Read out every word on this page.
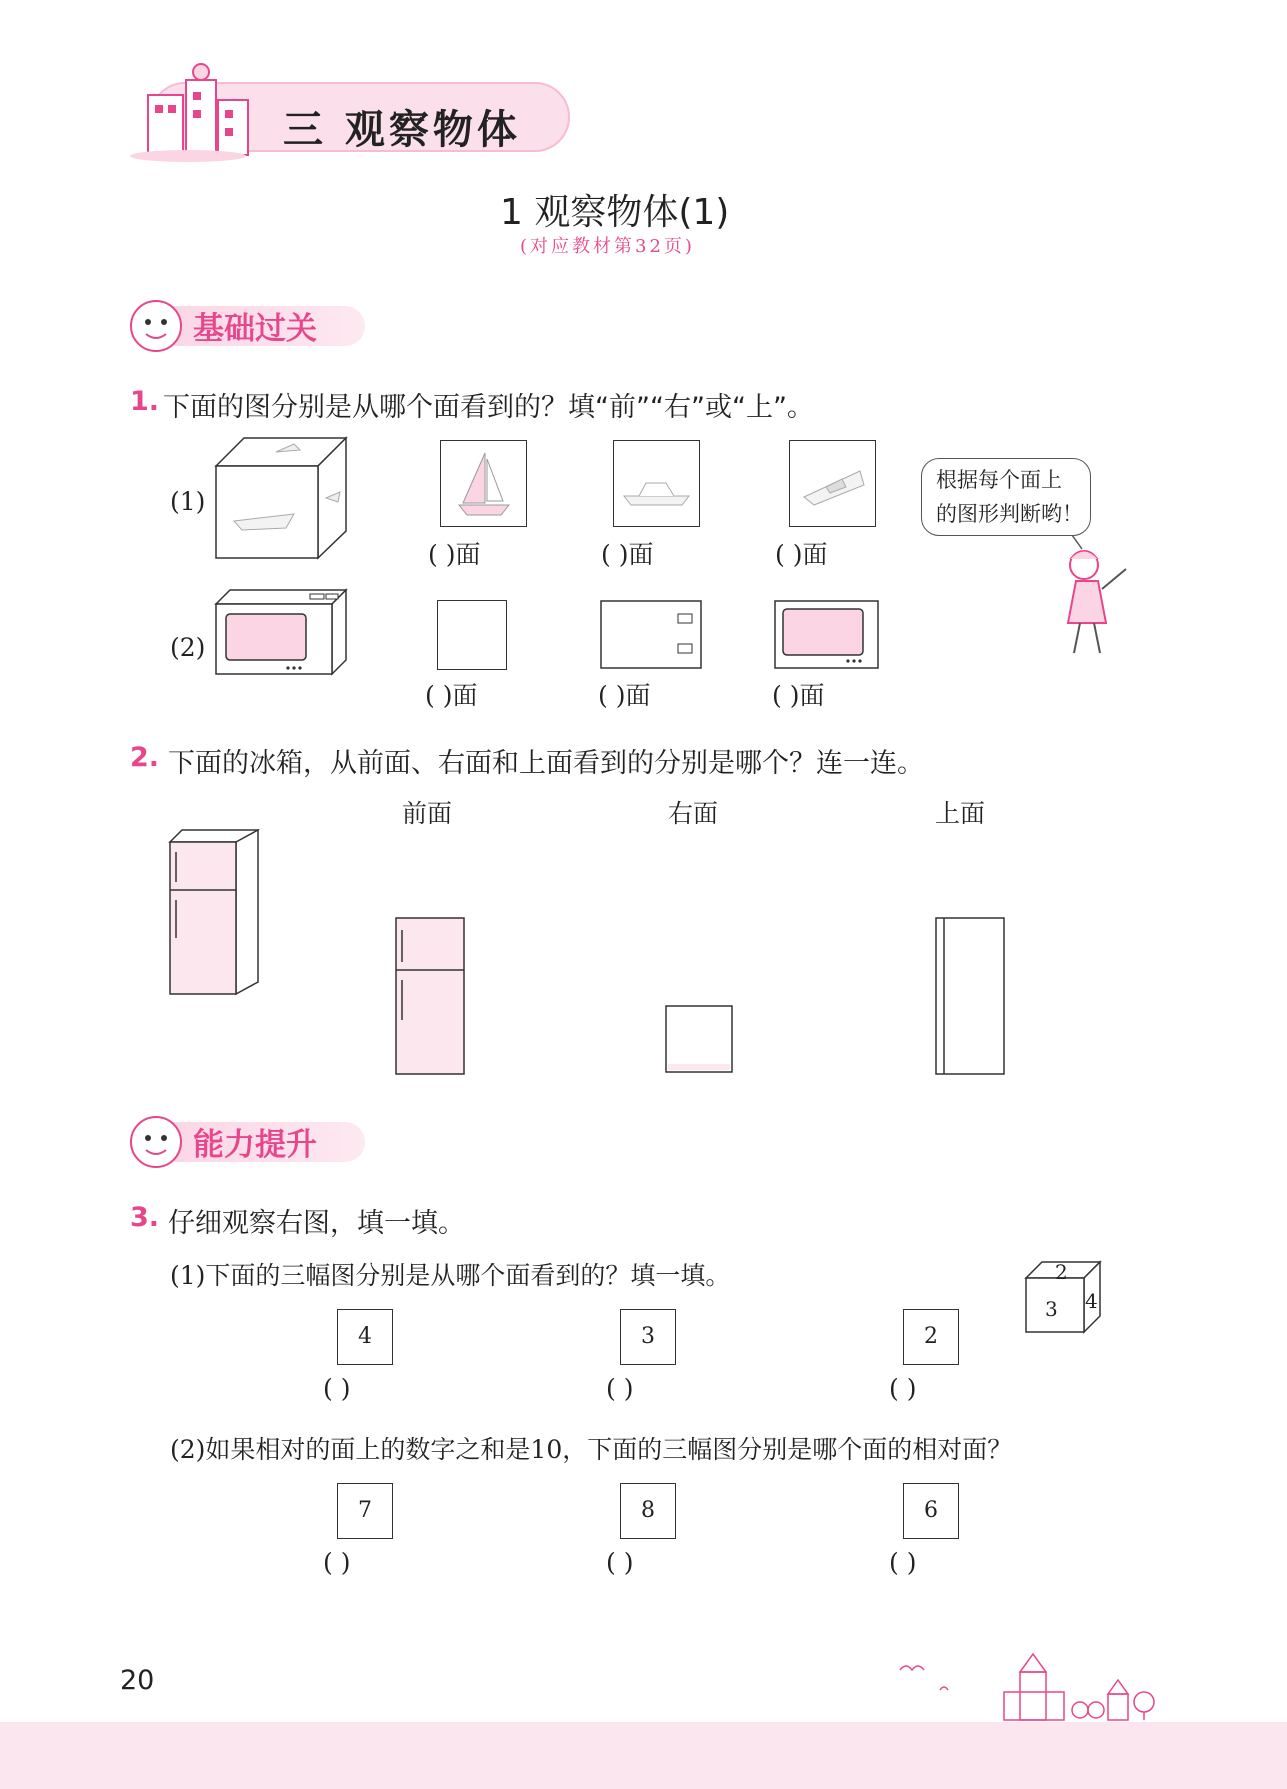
三 观察物体
1 观察物体(1)
(对应教材第32页)
基础过关
1. 下面的图分别是从哪个面看到的？填“前”“右”或“上”。
(1)
( )面	( )面	( )面
根据每个面上
的图形判断哟！
(2)
( )面	( )面	( )面
2. 下面的冰箱，从前面、右面和上面看到的分别是哪个？连一连。
前面	右面	上面
能力提升
3. 仔细观察右图，填一填。
(1)下面的三幅图分别是从哪个面看到的？填一填。	2
3 4
4	3	2
( )	( )	( )
(2)如果相对的面上的数字之和是10，下面的三幅图分别是哪个面的相对面？
7	8	6
( )	( )	( )
20
